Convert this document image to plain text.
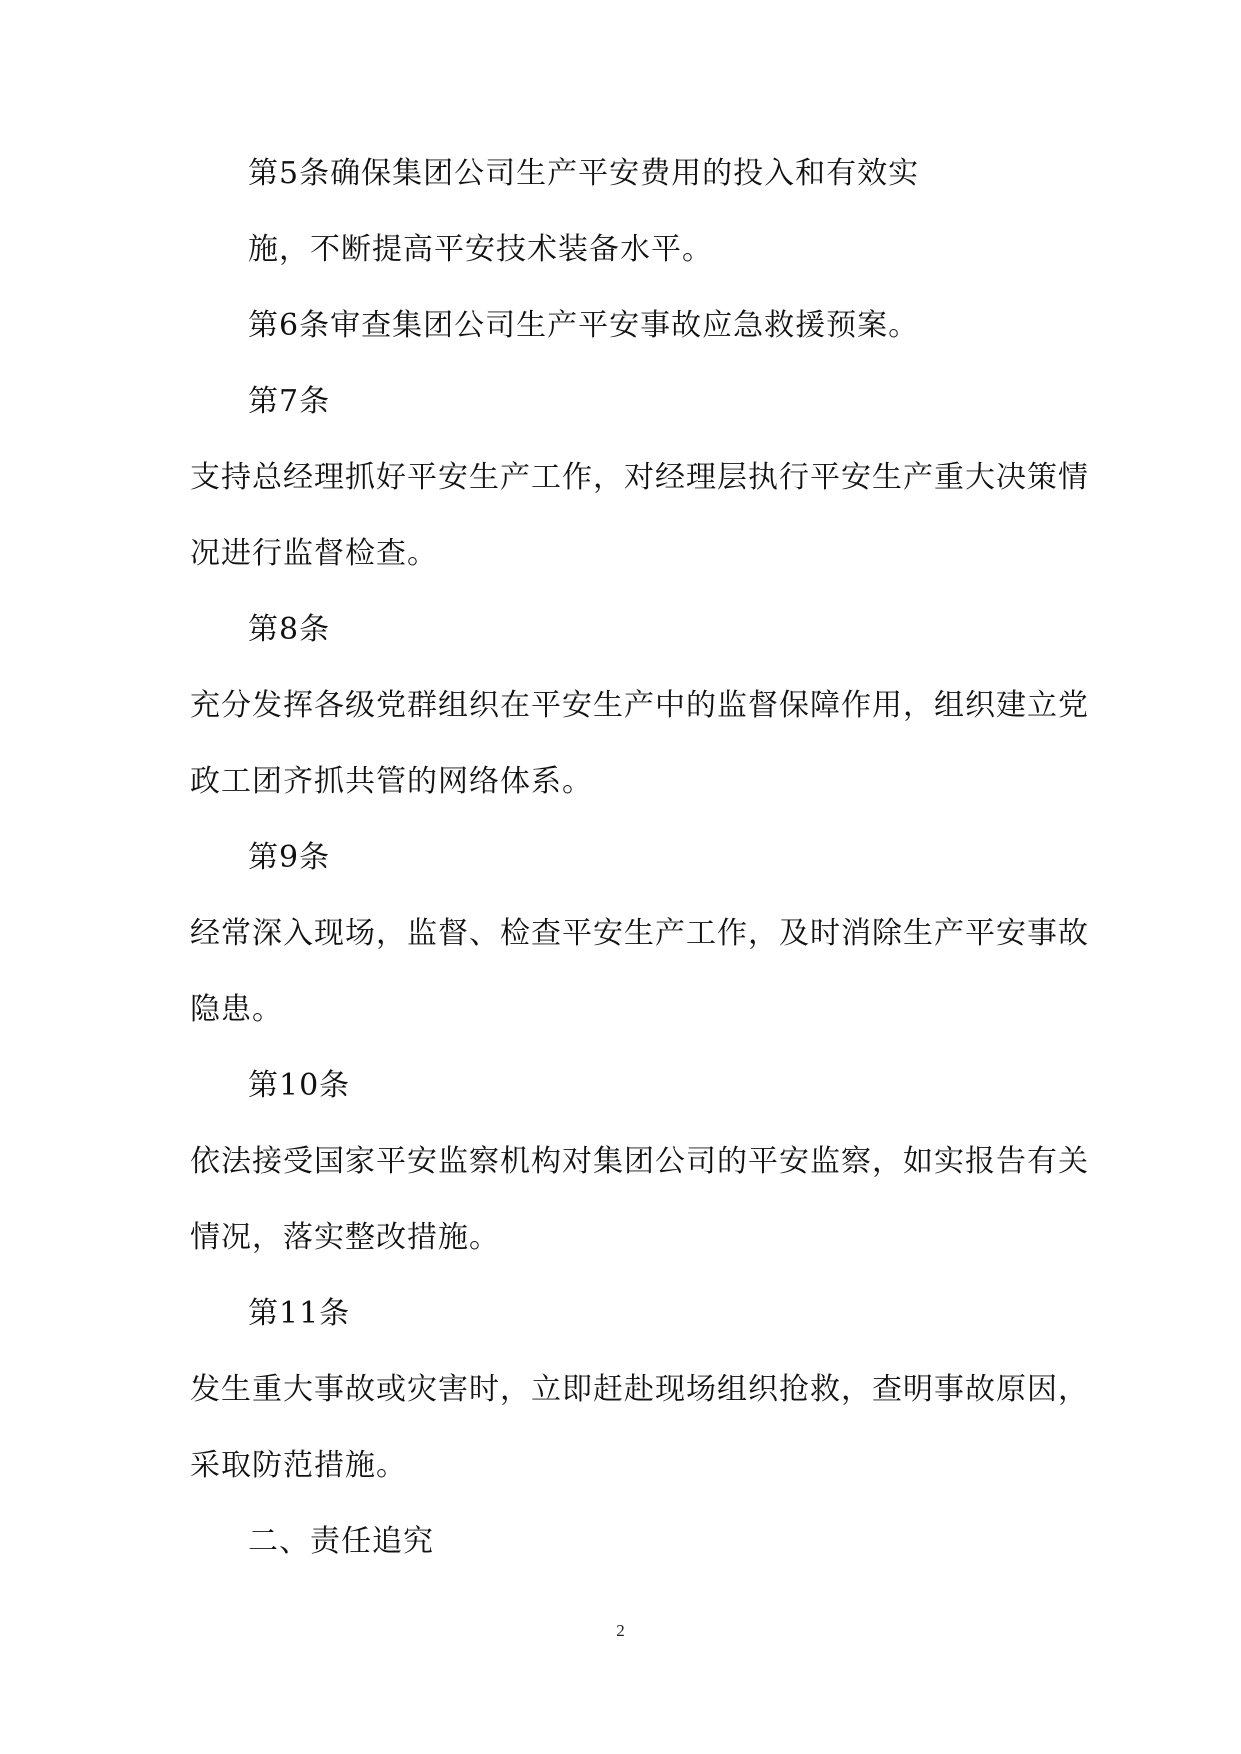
第5条确保集团公司生产平安费用的投入和有效实
施，不断提高平安技术装备水平。
第6条审查集团公司生产平安事故应急救援预案。
第7条
支持总经理抓好平安生产工作，对经理层执行平安生产重大决策情
况进行监督检查。
第8条
充分发挥各级党群组织在平安生产中的监督保障作用，组织建立党
政工团齐抓共管的网络体系。
第9条
经常深入现场，监督、检查平安生产工作，及时消除生产平安事故
隐患。
第10条
依法接受国家平安监察机构对集团公司的平安监察，如实报告有关
情况，落实整改措施。
第11条
发生重大事故或灾害时，立即赶赴现场组织抢救，查明事故原因，
采取防范措施。
二、责任追究
2
